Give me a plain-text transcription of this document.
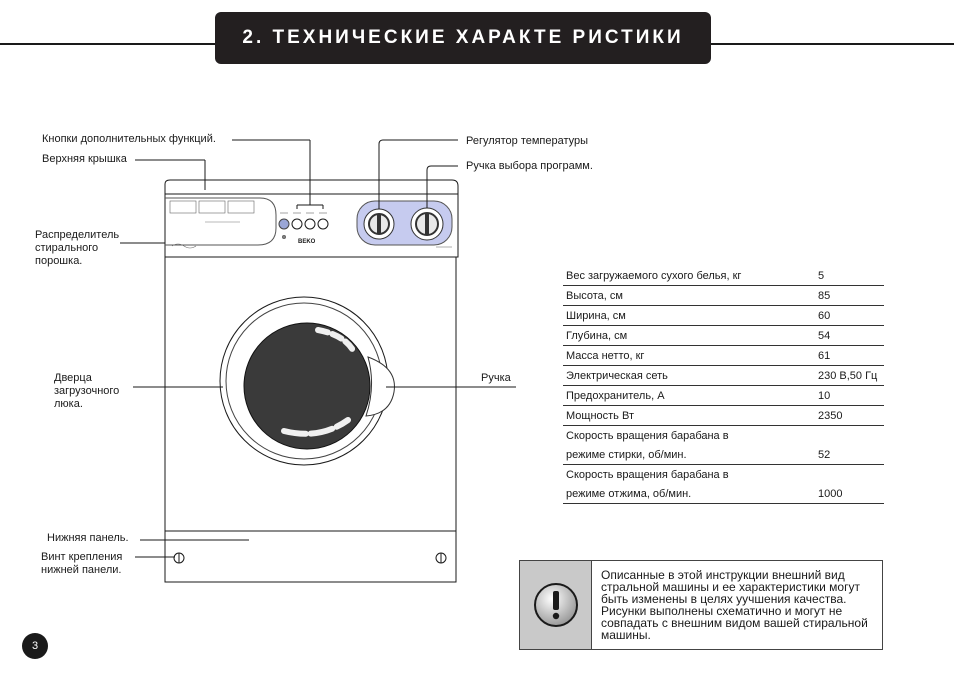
2. ТЕХНИЧЕСКИЕ ХАРАКТЕ РИСТИКИ
BEKO
Кнопки дополнительных функций.
Верхняя крышка
Распределитель
стирального
порошка.
Дверца
загрузочного
люка.
Нижняя панель.
Винт крепления
нижней панели.
Регулятор температуры
Ручка выбора программ.
Ручка
Вес загружаемого сухого белья, кг	5
Высота, см	85
Ширина, см	60
Глубина, см	54
Масса нетто, кг	61
Электрическая сеть	230 В,50 Гц
Предохранитель, А	10
Мощность Вт	2350
Скорость вращения барабана в	
режиме стирки, об/мин.	52
Скорость вращения барабана в	
режиме отжима, об/мин.	1000
Описанные в этой инструкции внешний вид стральной машины и ее характеристики могут быть изменены в целях уучшения качества. Рисунки выполнены схематично и могут не совпадать с внешним видом вашей стиральной машины.
3
